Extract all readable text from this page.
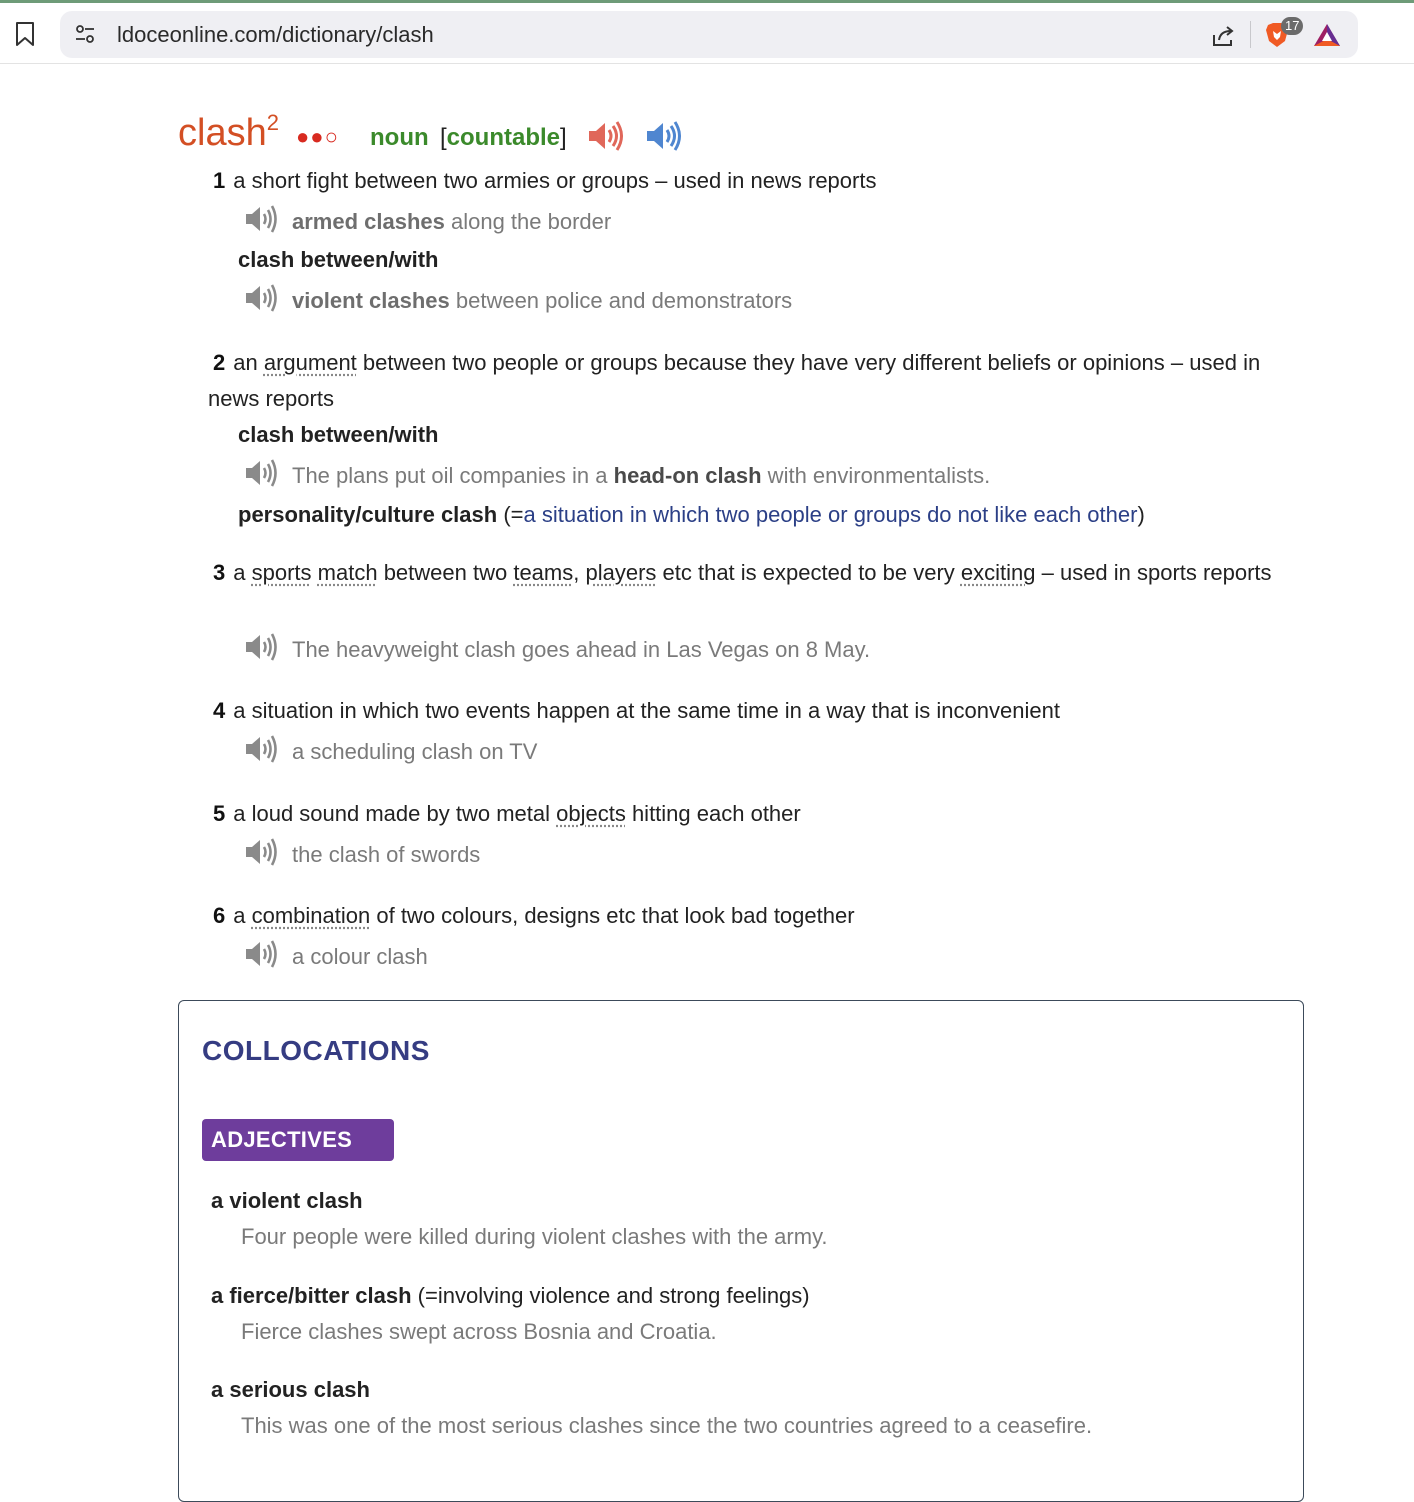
ldoceonline.com/dictionary/clash	17
clash$^2$
●●○ noun [countable]
1 a short fight between two armies or groups – used in news reports
armed clashes along the border
clash between/with
violent clashes between police and demonstrators
2 an argument between two people or groups because they have very different beliefs or opinions – used in news reports
clash between/with
The plans put oil companies in a head-on clash with environmentalists.
personality/culture clash (=a situation in which two people or groups do not like each other)
3 a sports match between two teams, players etc that is expected to be very exciting – used in sports reports
The heavyweight clash goes ahead in Las Vegas on 8 May.
4 a situation in which two events happen at the same time in a way that is inconvenient
a scheduling clash on TV
5 a loud sound made by two metal objects hitting each other
the clash of swords
6 a combination of two colours, designs etc that look bad together
a colour clash
COLLOCATIONS
ADJECTIVES
a violent clash
Four people were killed during violent clashes with the army.
a fierce/bitter clash (=involving violence and strong feelings)
Fierce clashes swept across Bosnia and Croatia.
a serious clash
This was one of the most serious clashes since the two countries agreed to a ceasefire.
